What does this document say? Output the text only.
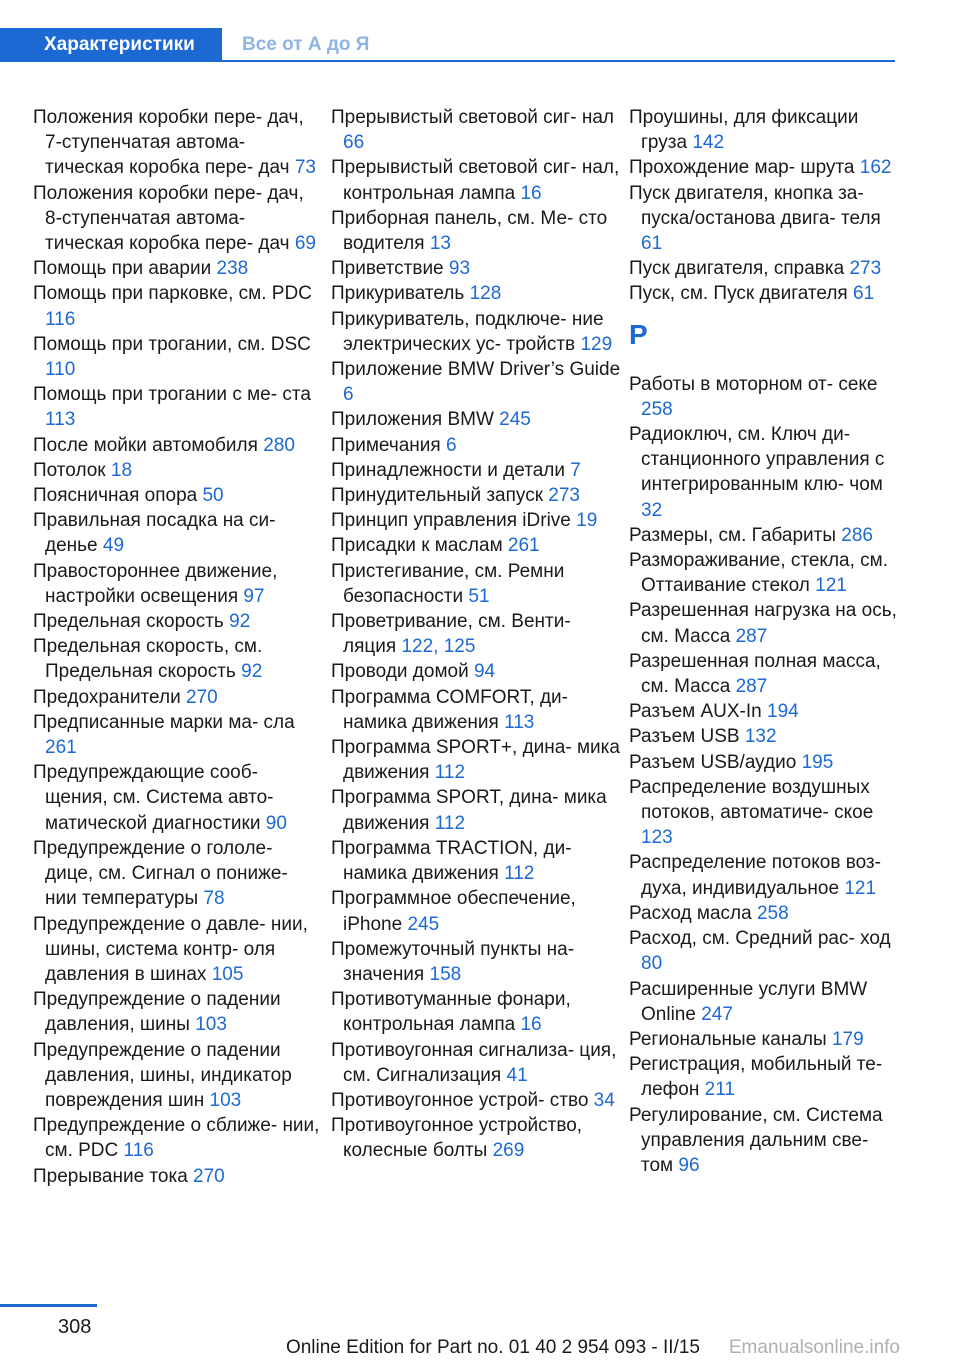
Характеристики	Все от А до Я
Положения коробки пере‐ дач, 7-ступенчатая автома‐ тическая коробка пере‐ дач 73
Положения коробки пере‐ дач, 8-ступенчатая автома‐ тическая коробка пере‐ дач 69
Помощь при аварии 238
Помощь при парковке, см. PDC 116
Помощь при трогании, см. DSC 110
Помощь при трогании с ме‐ ста 113
После мойки автомобиля 280
Потолок 18
Поясничная опора 50
Правильная посадка на си‐ денье 49
Правостороннее движение, настройки освещения 97
Предельная скорость 92
Предельная скорость, см. Предельная скорость 92
Предохранители 270
Предписанные марки ма‐ сла 261
Предупреждающие сооб‐ щения, см. Система авто‐ матической диагностики 90
Предупреждение о гололе‐ дице, см. Сигнал о пониже‐ нии температуры 78
Предупреждение о давле‐ нии, шины, система контр‐ оля давления в шинах 105
Предупреждение о падении давления, шины 103
Предупреждение о падении давления, шины, индикатор повреждения шин 103
Предупреждение о сближе‐ нии, см. PDC 116
Прерывание тока 270
Прерывистый световой сиг‐ нал 66
Прерывистый световой сиг‐ нал, контрольная лампа 16
Приборная панель, см. Ме‐ сто водителя 13
Приветствие 93
Прикуриватель 128
Прикуриватель, подключе‐ ние электрических ус‐ тройств 129
Приложение BMW Driver’s Guide 6
Приложения BMW 245
Примечания 6
Принадлежности и детали 7
Принудительный запуск 273
Принцип управления iDrive 19
Присадки к маслам 261
Пристегивание, см. Ремни безопасности 51
Проветривание, см. Венти‐ ляция 122, 125
Проводи домой 94
Программа COMFORT, ди‐ намика движения 113
Программа SPORT+, дина‐ мика движения 112
Программа SPORT, дина‐ мика движения 112
Программа TRACTION, ди‐ намика движения 112
Программное обеспечение, iPhone 245
Промежуточный пункты на‐ значения 158
Противотуманные фонари, контрольная лампа 16
Противоугонная сигнализа‐ ция, см. Сигнализация 41
Противоугонное устрой‐ ство 34
Противоугонное устройство, колесные болты 269
Проушины, для фиксации груза 142
Прохождение мар‐ шрута 162
Пуск двигателя, кнопка за‐ пуска/останова двига‐ теля 61
Пуск двигателя, справка 273
Пуск, см. Пуск двигателя 61
Р
Работы в моторном от‐ секе 258
Радиоключ, см. Ключ ди‐ станционного управления с интегрированным клю‐ чом 32
Размеры, см. Габариты 286
Размораживание, стекла, см. Оттаивание стекол 121
Разрешенная нагрузка на ось, см. Масса 287
Разрешенная полная масса, см. Масса 287
Разъем AUX-In 194
Разъем USB 132
Разъем USB/аудио 195
Распределение воздушных потоков, автоматиче‐ ское 123
Распределение потоков воз‐ духа, индивидуальное 121
Расход масла 258
Расход, см. Средний рас‐ ход 80
Расширенные услуги BMW Online 247
Региональные каналы 179
Регистрация, мобильный те‐ лефон 211
Регулирование, см. Система управления дальним све‐ том 96
308
Online Edition for Part no. 01 40 2 954 093 - II/15 Emanualsonline.info
